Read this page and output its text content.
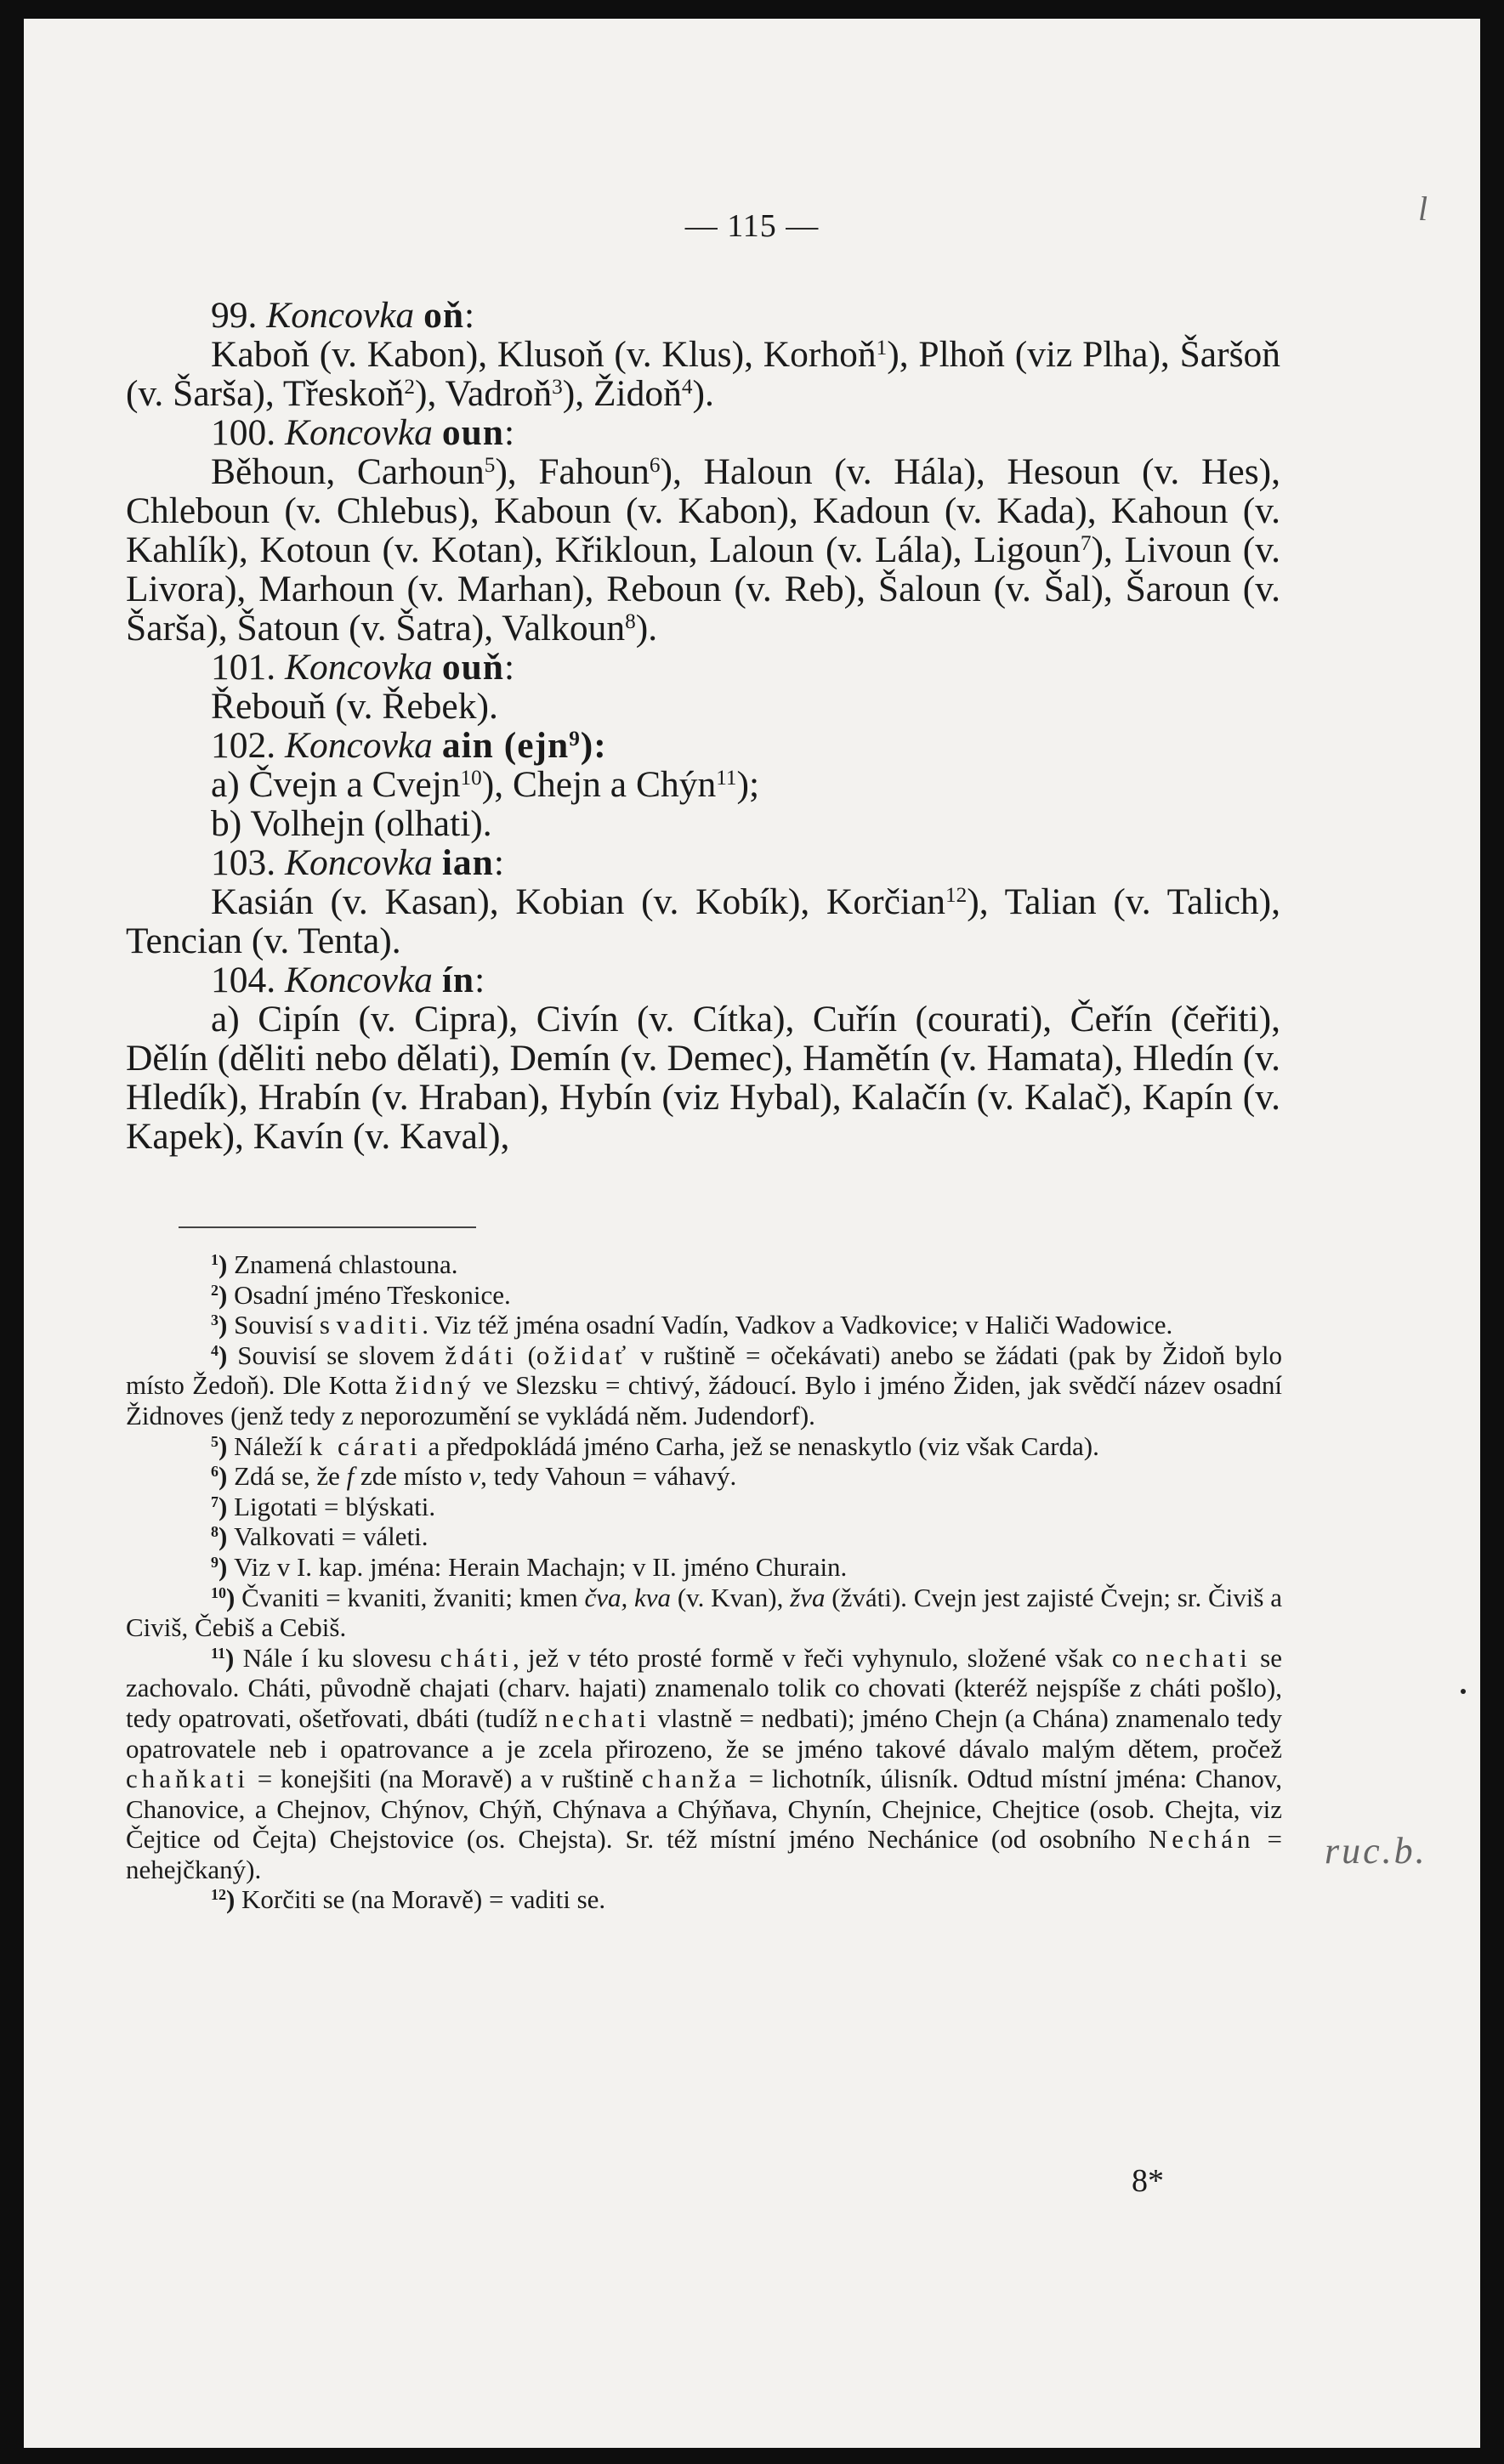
— 115 —	l

99. Koncovka oň:

Kaboň (v. Kabon), Klusoň (v. Klus), Korhoň$^1$), Plhoň (viz Plha), Šaršoň (v. Šarša), Třeskoň$^2$), Vadroň$^3$), Židoň$^4$).

100. Koncovka oun:

Běhoun, Carhoun$^5$), Fahoun$^6$), Haloun (v. Hála), Hesoun (v. Hes), Chleboun (v. Chlebus), Kaboun (v. Kabon), Kadoun (v. Kada), Kahoun (v. Kahlík), Kotoun (v. Kotan), Křikloun, Laloun (v. Lála), Ligoun$^7$), Livoun (v. Livora), Marhoun (v. Marhan), Reboun (v. Reb), Šaloun (v. Šal), Šaroun (v. Šarša), Šatoun (v. Šatra), Valkoun$^8$).

101. Koncovka ouň:

Řebouň (v. Řebek).

102. Koncovka ain (ejn$^9$):

a) Čvejn a Cvejn$^{10}$), Chejn a Chýn$^{11}$);

b) Volhejn (olhati).

103. Koncovka ian:

Kasián (v. Kasan), Kobian (v. Kobík), Korčian$^{12}$), Talian (v. Talich), Tencian (v. Tenta).

104. Koncovka ín:

a) Cipín (v. Cipra), Civín (v. Cítka), Cuřín (courati), Čeřín (čeřiti), Dělín (děliti nebo dělati), Demín (v. Demec), Hamětín (v. Hamata), Hledín (v. Hledík), Hrabín (v. Hraban), Hybín (viz Hybal), Kalačín (v. Kalač), Kapín (v. Kapek), Kavín (v. Kaval),

$^1$) Znamená chlastouna.

$^2$) Osadní jméno Třeskonice.

$^3$) Souvisí s vaditi. Viz též jména osadní Vadín, Vadkov a Vadkovice; v Haliči Wadowice.

$^4$) Souvisí se slovem ždáti (ožidať v ruštině = očekávati) anebo se žádati (pak by Židoň bylo místo Žedoň). Dle Kotta židný ve Slezsku = chtivý, žádoucí. Bylo i jméno Židen, jak svědčí název osadní Židnoves (jenž tedy z neporozumění se vykládá něm. Judendorf).

$^5$) Náleží k cárati a předpokládá jméno Carha, jež se nenaskytlo (viz však Carda).

$^6$) Zdá se, že f zde místo v, tedy Vahoun = váhavý.

$^7$) Ligotati = blýskati.

$^8$) Valkovati = váleti.

$^9$) Viz v I. kap. jména: Herain Machajn; v II. jméno Churain.

$^{10}$) Čvaniti = kvaniti, žvaniti; kmen čva, kva (v. Kvan), žva (žváti). Cvejn jest zajisté Čvejn; sr. Čiviš a Civiš, Čebiš a Cebiš.

$^{11}$) Nále í ku slovesu cháti, jež v této prosté formě v řeči vyhynulo, složené však co nechati se zachovalo. Cháti, původně chajati (charv. hajati) znamenalo tolik co chovati (kteréž nejspíše z cháti pošlo), tedy opatrovati, ošetřovati, dbáti (tudíž nechati vlastně = nedbati); jméno Chejn (a Chána) znamenalo tedy opatrovatele neb i opatrovance a je zcela přirozeno, že se jméno takové dávalo malým dětem, pročež chaňkati = konejšiti (na Moravě) a v ruštině chanža = lichotník, úlisník. Odtud místní jména: Chanov, Chanovice, a Chejnov, Chýnov, Chýň, Chýnava a Chýňava, Chynín, Chejnice, Chejtice (osob. Chejta, viz Čejtice od Čejta) Chejstovice (os. Chejsta). Sr. též místní jméno Nechánice (od osobního Nechán = nehejčkaný).

$^{12}$) Korčiti se (na Moravě) = vaditi se.

8*
ruc.b.
